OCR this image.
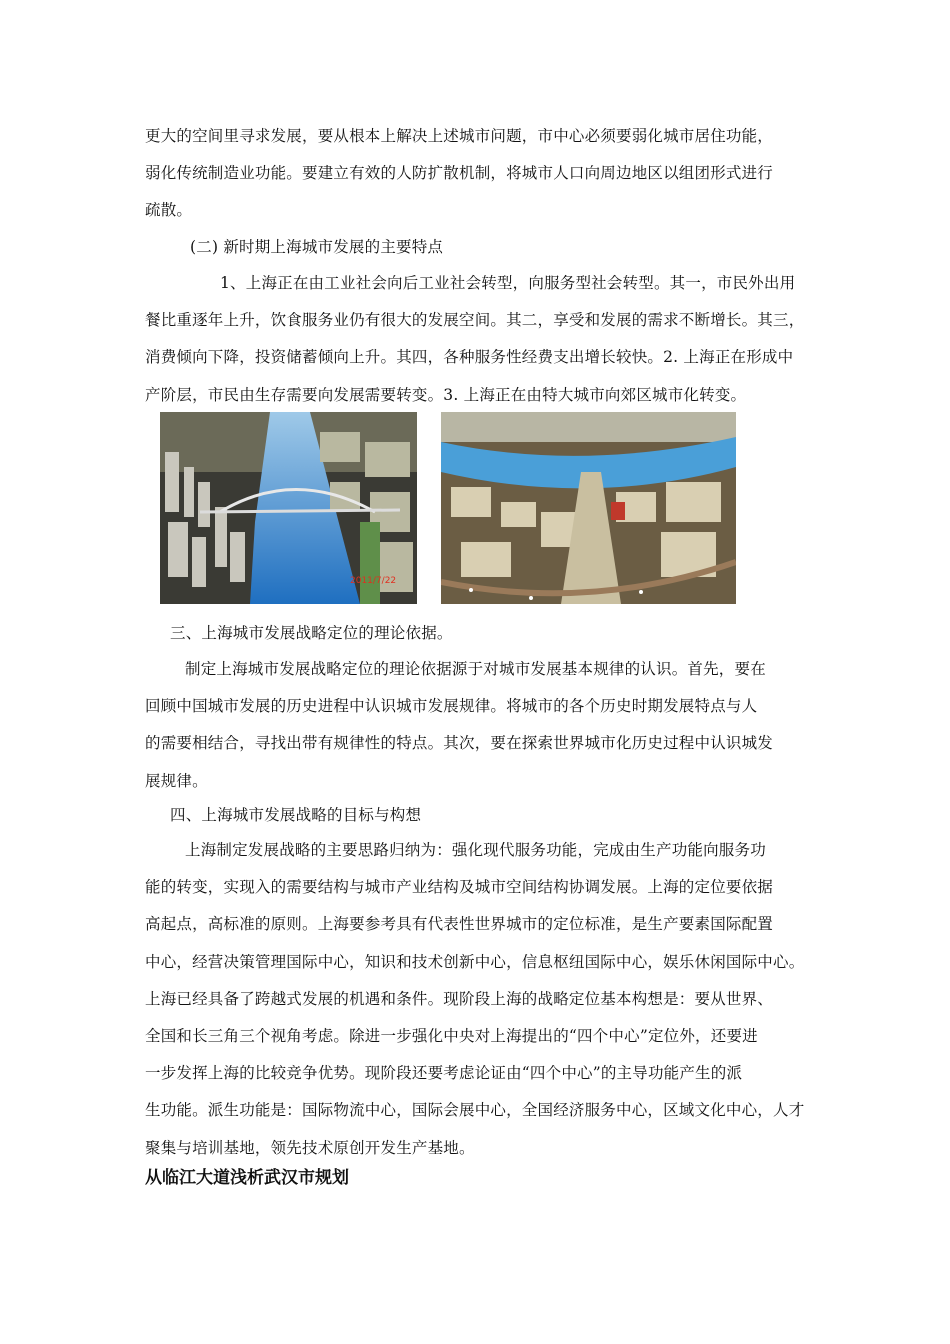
更大的空间里寻求发展，要从根本上解决上述城市问题，市中心必须要弱化城市居住功能，
弱化传统制造业功能。要建立有效的人防扩散机制，将城市人口向周边地区以组团形式进行
疏散。

(二) 新时期上海城市发展的主要特点

1、上海正在由工业社会向后工业社会转型，向服务型社会转型。其一，市民外出用
餐比重逐年上升，饮食服务业仍有很大的发展空间。其二，享受和发展的需求不断增长。其三，
消费倾向下降，投资储蓄倾向上升。其四，各种服务性经费支出增长较快。2. 上海正在形成中
产阶层，市民由生存需要向发展需要转变。3. 上海正在由特大城市向郊区城市化转变。

2011/7/22

三、上海城市发展战略定位的理论依据。

制定上海城市发展战略定位的理论依据源于对城市发展基本规律的认识。首先，要在
回顾中国城市发展的历史进程中认识城市发展规律。将城市的各个历史时期发展特点与人
的需要相结合，寻找出带有规律性的特点。其次，要在探索世界城市化历史过程中认识城发
展规律。

四、上海城市发展战略的目标与构想

上海制定发展战略的主要思路归纳为：强化现代服务功能，完成由生产功能向服务功
能的转变，实现入的需要结构与城市产业结构及城市空间结构协调发展。上海的定位要依据
高起点，高标准的原则。上海要参考具有代表性世界城市的定位标准，是生产要素国际配置
中心，经营决策管理国际中心，知识和技术创新中心，信息枢纽国际中心，娱乐休闲国际中心。
上海已经具备了跨越式发展的机遇和条件。现阶段上海的战略定位基本构想是：要从世界、
全国和长三角三个视角考虑。除进一步强化中央对上海提出的“四个中心”定位外，还要进
一步发挥上海的比较竞争优势。现阶段还要考虑论证由“四个中心”的主导功能产生的派
生功能。派生功能是：国际物流中心，国际会展中心，全国经济服务中心，区域文化中心，人才
聚集与培训基地，领先技术原创开发生产基地。

从临江大道浅析武汉市规划
